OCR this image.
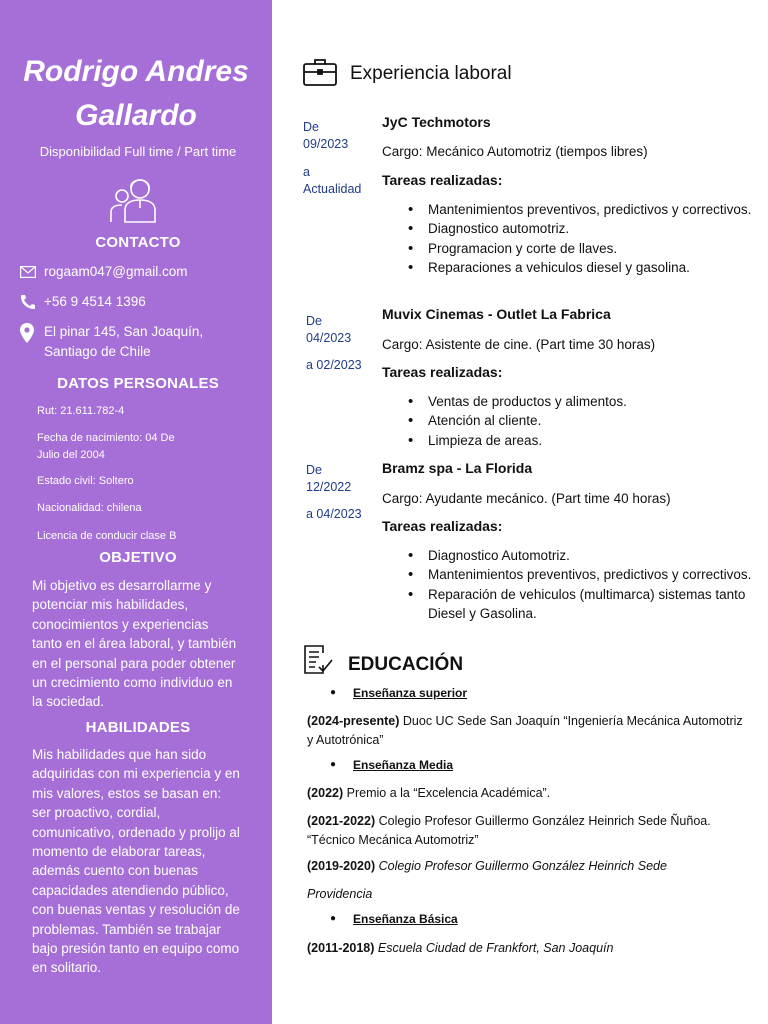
Rodrigo Andres
Gallardo
Disponibilidad Full time / Part time
CONTACTO
rogaam047@gmail.com
+56 9 4514 1396
El pinar 145, San Joaquín,
Santiago de Chile
DATOS PERSONALES
Rut: 21.611.782-4
Fecha de nacimiento: 04 De
Julio del 2004
Estado civil: Soltero
Nacionalidad: chilena
Licencia de conducir clase B
OBJETIVO
Mi objetivo es desarrollarme y potenciar mis habilidades, conocimientos y experiencias tanto en el área laboral, y también en el personal para poder obtener un crecimiento como individuo en la sociedad.
HABILIDADES
Mis habilidades que han sido adquiridas con mi experiencia y en mis valores, estos se basan en: ser proactivo, cordial, comunicativo, ordenado y prolijo al momento de elaborar tareas, además cuento con buenas capacidades atendiendo público, con buenas ventas y resolución de problemas. También se trabajar bajo presión tanto en equipo como en solitario.
Experiencia laboral
De
09/2023
a
Actualidad
JyC Techmotors
Cargo: Mecánico Automotriz (tiempos libres)
Tareas realizadas:
• Mantenimientos preventivos, predictivos y correctivos.
• Diagnostico automotriz.
• Programacion y corte de llaves.
• Reparaciones a vehiculos diesel y gasolina.
De
04/2023
a 02/2023
Muvix Cinemas - Outlet La Fabrica
Cargo: Asistente de cine. (Part time 30 horas)
Tareas realizadas:
• Ventas de productos y alimentos.
• Atención al cliente.
• Limpieza de areas.
De
12/2022
a 04/2023
Bramz spa - La Florida
Cargo: Ayudante mecánico. (Part time 40 horas)
Tareas realizadas:
• Diagnostico Automotriz.
• Mantenimientos preventivos, predictivos y correctivos.
• Reparación de vehiculos (multimarca) sistemas tanto Diesel y Gasolina.
EDUCACIÓN
● Enseñanza superior
(2024-presente) Duoc UC Sede San Joaquín “Ingeniería Mecánica Automotriz y Autotrónica”
● Enseñanza Media
(2022) Premio a la “Excelencia Académica”.
(2021-2022) Colegio Profesor Guillermo González Heinrich Sede Ñuñoa. “Técnico Mecánica Automotriz”
(2019-2020) Colegio Profesor Guillermo González Heinrich Sede
Providencia
● Enseñanza Básica
(2011-2018) Escuela Ciudad de Frankfort, San Joaquín
